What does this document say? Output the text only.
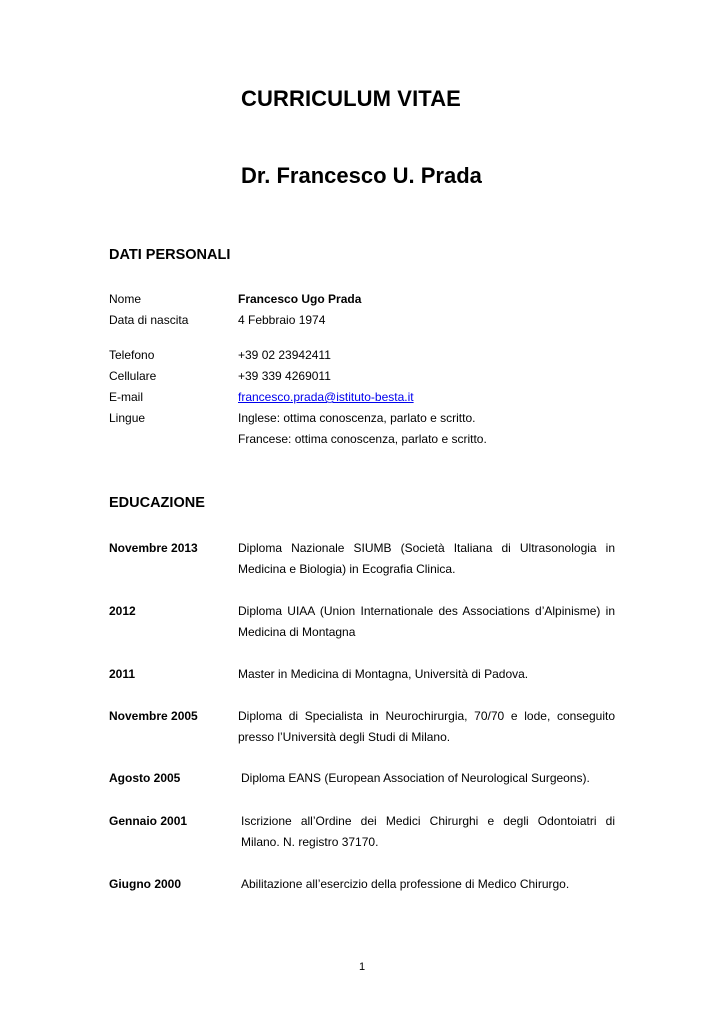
CURRICULUM VITAE
Dr. Francesco U. Prada
DATI PERSONALI
Nome	Francesco Ugo Prada
Data di nascita	4 Febbraio 1974
Telefono	+39 02 23942411
Cellulare	+39 339 4269011
E-mail	francesco.prada@istituto-besta.it
Lingue	Inglese: ottima conoscenza, parlato e scritto.
Francese: ottima conoscenza, parlato e scritto.
EDUCAZIONE
Novembre 2013	Diploma Nazionale SIUMB (Società Italiana di Ultrasonologia in
Medicina e Biologia) in Ecografia Clinica.
2012	Diploma UIAA (Union Internationale des Associations d’Alpinisme) in
Medicina di Montagna
2011	Master in Medicina di Montagna, Università di Padova.
Novembre 2005	Diploma di Specialista in Neurochirurgia, 70/70 e lode, conseguito
presso l’Università degli Studi di Milano.
Agosto 2005	Diploma EANS (European Association of Neurological Surgeons).
Gennaio 2001	Iscrizione all’Ordine dei Medici Chirurghi e degli Odontoiatri di
Milano. N. registro 37170.
Giugno 2000	Abilitazione all’esercizio della professione di Medico Chirurgo.
1
